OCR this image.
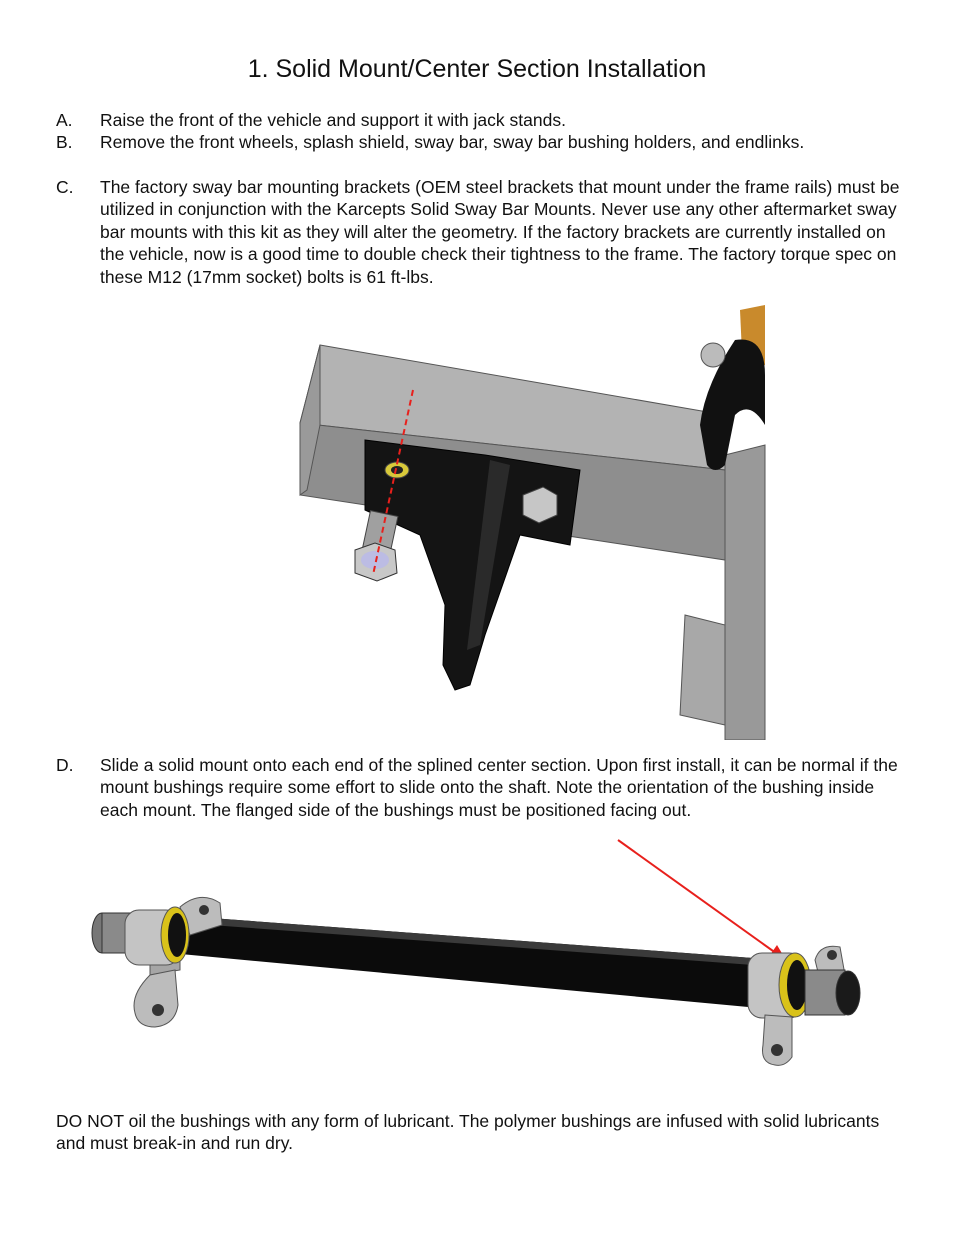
1. Solid Mount/Center Section Installation
A. Raise the front of the vehicle and support it with jack stands.
B. Remove the front wheels, splash shield, sway bar, sway bar bushing holders, and endlinks.
C. The factory sway bar mounting brackets (OEM steel brackets that mount under the frame rails) must be utilized in conjunction with the Karcepts Solid Sway Bar Mounts. Never use any other aftermarket sway bar mounts with this kit as they will alter the geometry. If the factory brackets are currently installed on the vehicle, now is a good time to double check their tightness to the frame. The factory torque spec on these M12 (17mm socket) bolts is 61 ft-lbs.
D. Slide a solid mount onto each end of the splined center section. Upon first install, it can be normal if the mount bushings require some effort to slide onto the shaft. Note the orientation of the bushing inside each mount. The flanged side of the bushings must be positioned facing out.
DO NOT oil the bushings with any form of lubricant. The polymer bushings are infused with solid lubricants and must break-in and run dry.
